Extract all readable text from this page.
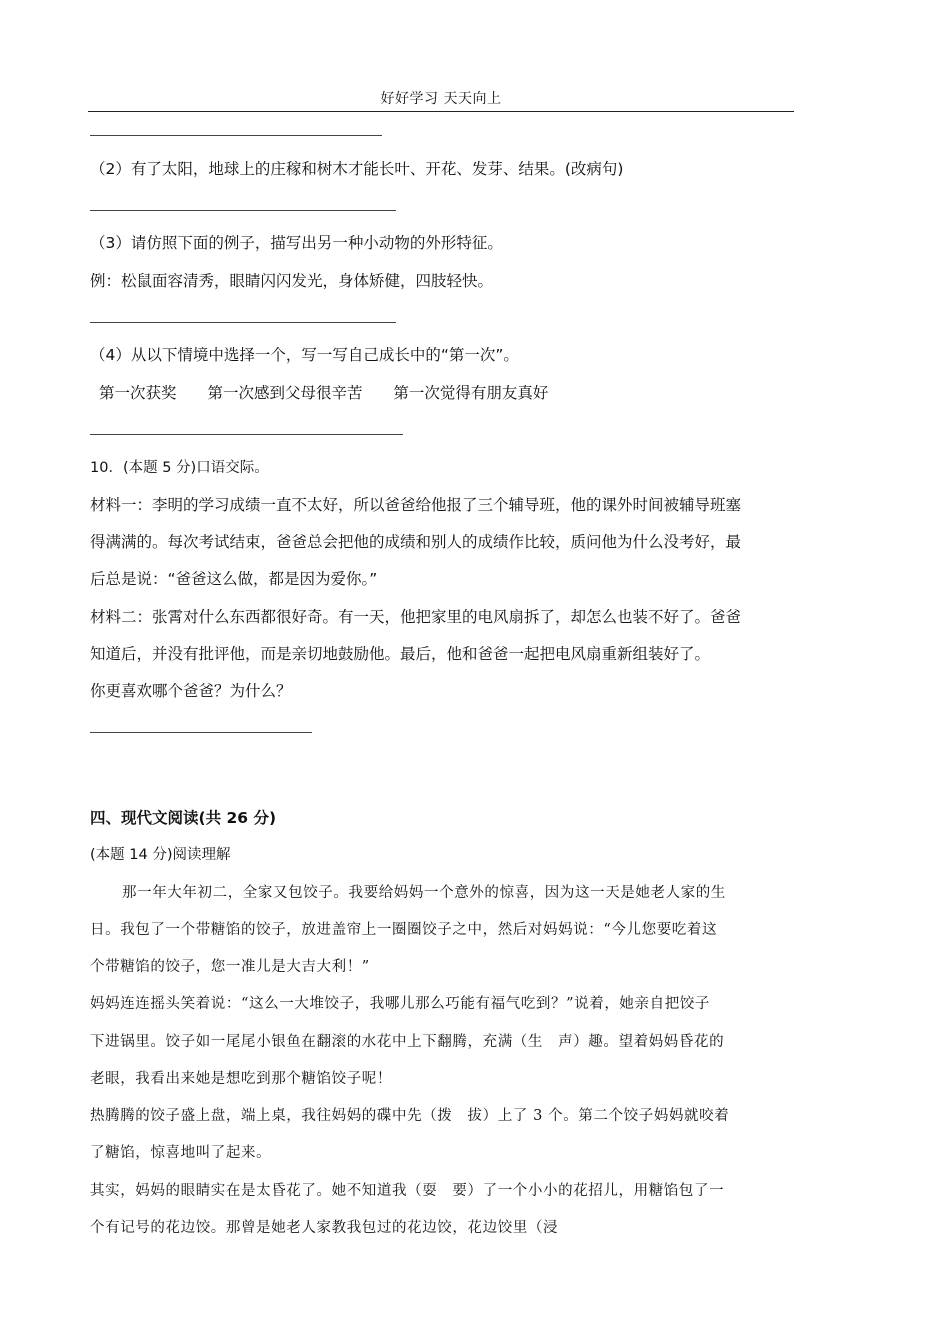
好好学习 天天向上
（2）有了太阳，地球上的庄稼和树木才能长叶、开花、发芽、结果。(改病句)
（3）请仿照下面的例子，描写出另一种小动物的外形特征。
例：松鼠面容清秀，眼睛闪闪发光，身体矫健，四肢轻快。
（4）从以下情境中选择一个，写一写自己成长中的“第一次”。
第一次获奖 第一次感到父母很辛苦 第一次觉得有朋友真好
10．(本题 5 分)口语交际。
材料一：李明的学习成绩一直不太好，所以爸爸给他报了三个辅导班，他的课外时间被辅导班塞
得满满的。每次考试结束，爸爸总会把他的成绩和别人的成绩作比较，质问他为什么没考好，最
后总是说：“爸爸这么做，都是因为爱你。”
材料二：张霄对什么东西都很好奇。有一天，他把家里的电风扇拆了，却怎么也装不好了。爸爸
知道后，并没有批评他，而是亲切地鼓励他。最后，他和爸爸一起把电风扇重新组装好了。
你更喜欢哪个爸爸？为什么？
四、现代文阅读(共 26 分)
(本题 14 分)阅读理解
那一年大年初二，全家又包饺子。我要给妈妈一个意外的惊喜，因为这一天是她老人家的生
日。我包了一个带糖馅的饺子，放进盖帘上一圈圈饺子之中，然后对妈妈说：“今儿您要吃着这
个带糖馅的饺子，您一准儿是大吉大利！”
妈妈连连摇头笑着说：“这么一大堆饺子，我哪儿那么巧能有福气吃到？”说着，她亲自把饺子
下进锅里。饺子如一尾尾小银鱼在翻滚的水花中上下翻腾，充满（生　声）趣。望着妈妈昏花的
老眼，我看出来她是想吃到那个糖馅饺子呢！
热腾腾的饺子盛上盘，端上桌，我往妈妈的碟中先（拨　拔）上了 3 个。第二个饺子妈妈就咬着
了糖馅，惊喜地叫了起来。
其实，妈妈的眼睛实在是太昏花了。她不知道我（耍　要）了一个小小的花招儿，用糖馅包了一
个有记号的花边饺。那曾是她老人家教我包过的花边饺，花边饺里（浸
